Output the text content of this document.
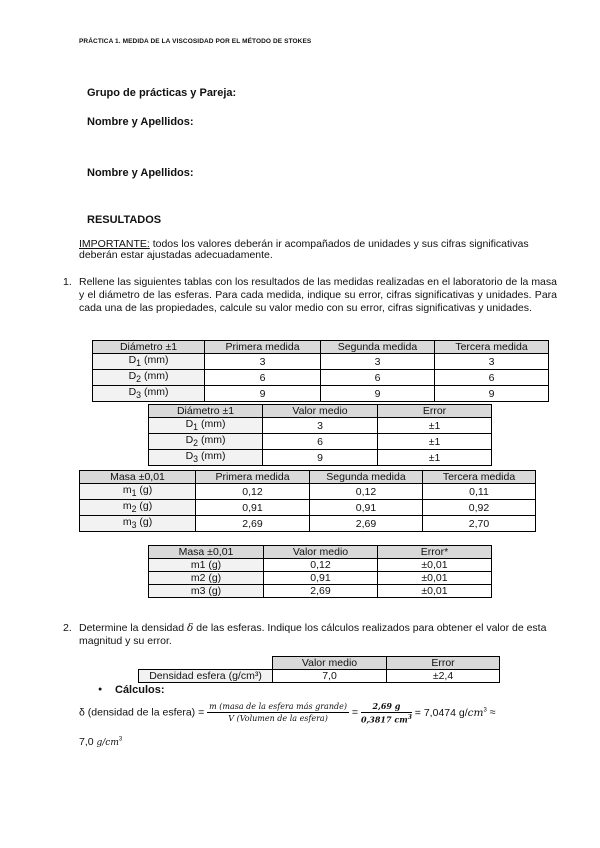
PRÁCTICA 1. MEDIDA DE LA VISCOSIDAD POR EL MÉTODO DE STOKES
Grupo de prácticas y Pareja:
Nombre y Apellidos:
Nombre y Apellidos:
RESULTADOS
IMPORTANTE: todos los valores deberán ir acompañados de unidades y sus cifras significativas deberán estar ajustadas adecuadamente.
1. Rellene las siguientes tablas con los resultados de las medidas realizadas en el laboratorio de la masa y el diámetro de las esferas. Para cada medida, indique su error, cifras significativas y unidades. Para cada una de las propiedades, calcule su valor medio con su error, cifras significativas y unidades.
Diámetro ±1	Primera medida	Segunda medida	Tercera medida
$D_1$ (mm)	3	3	3
$D_2$ (mm)	6	6	6
$D_3$ (mm)	9	9	9
Diámetro ±1	Valor medio	Error
$D_1$ (mm)	3	±1
$D_2$ (mm)	6	±1
$D_3$ (mm)	9	±1
Masa ±0,01	Primera medida	Segunda medida	Tercera medida
$m_1$ (g)	0,12	0,12	0,11
$m_2$ (g)	0,91	0,91	0,92
$m_3$ (g)	2,69	2,69	2,70
Masa ±0,01	Valor medio	Error*
m1 (g)	0,12	±0,01
m2 (g)	0,91	±0,01
m3 (g)	2,69	±0,01
2. Determine la densidad δ de las esferas. Indique los cálculos realizados para obtener el valor de esta magnitud y su error.
	Valor medio	Error
Densidad esfera (g/cm³)	7,0	±2,4
● Cálculos:
δ (densidad de la esfera) = $\frac{\text{m (masa de la esfera más grande)}}{\text{V (Volumen de la esfera)}} = \frac{2,69 g}{0,3817 cm^3} = 7,0474$ $g/cm^3$ ≈
7,0 $g/cm^3$
